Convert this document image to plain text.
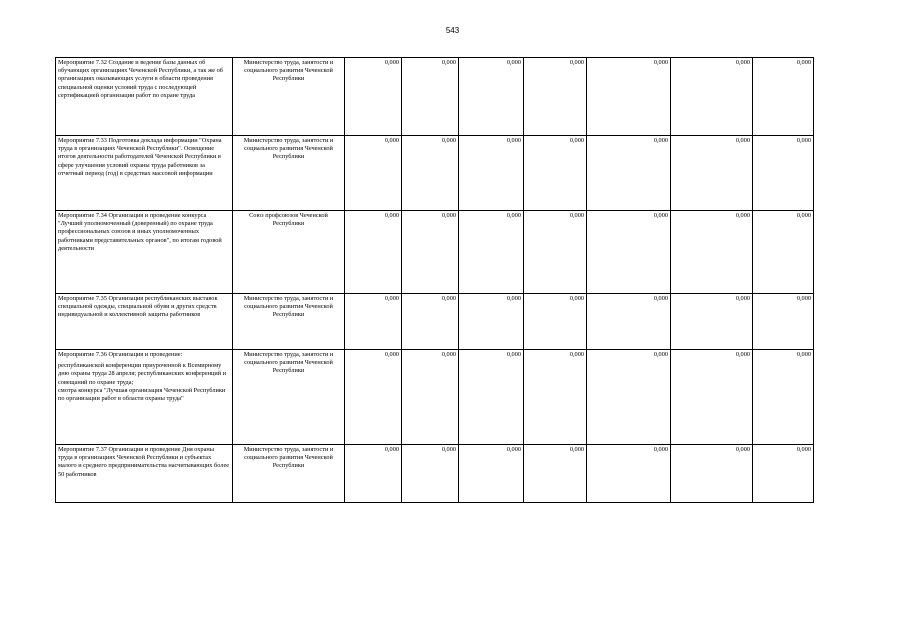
543
Мероприятие 7.32 Создание и ведение базы данных об обучающих организациях Чеченской Республики, а так же об организациях оказывающих услуги в области проведения специальной оценки условий труда с последующей сертификацией организации работ по охране труда	Министерство труда, занятости и социального развития Чеченской Республики	0,000	0,000	0,000	0,000	0,000	0,000	0,000

Мероприятие 7.33 Подготовка доклада информации "Охрана труда в организациях Чеченской Республики". Освещение итогов деятельности работодателей Чеченской Республики в сфере улучшения условий охраны труда работников за отчетный период (год) в средствах массовой информации	Министерство труда, занятости и социального развития Чеченской Республики	0,000	0,000	0,000	0,000	0,000	0,000	0,000

Мероприятие 7.34 Организация и проведение конкурса "Лучший уполномоченный (доверенный) по охране труда профессиональных союзов и иных уполномоченных работниками представительных органов", по итогам годовой деятельности	Союз профсоюзов Чеченской Республики	0,000	0,000	0,000	0,000	0,000	0,000	0,000

Мероприятие 7.35 Организация республиканских выставок специальной одежды, специальной обуви и других средств индивидуальной и коллективной защиты работников	Министерство труда, занятости и социального развития Чеченской Республики	0,000	0,000	0,000	0,000	0,000	0,000	0,000

Мероприятие 7.36 Организация и проведение:
республиканской конференции приуроченной к Всемирному дню охраны труда 28 апреля; республиканских конференций и совещаний по охране труда;
смотра конкурса "Лучшая организация Чеченской Республики по организации работ в области охраны труда"	Министерство труда, занятости и социального развития Чеченской Республики	0,000	0,000	0,000	0,000	0,000	0,000	0,000

Мероприятие 7.37 Организация и проведение Дня охраны труда в организациях Чеченской Республики и субъектах малого и среднего предпринимательства насчитывающих более 50 работников	Министерство труда, занятости и социального развития Чеченской Республики	0,000	0,000	0,000	0,000	0,000	0,000	0,000
